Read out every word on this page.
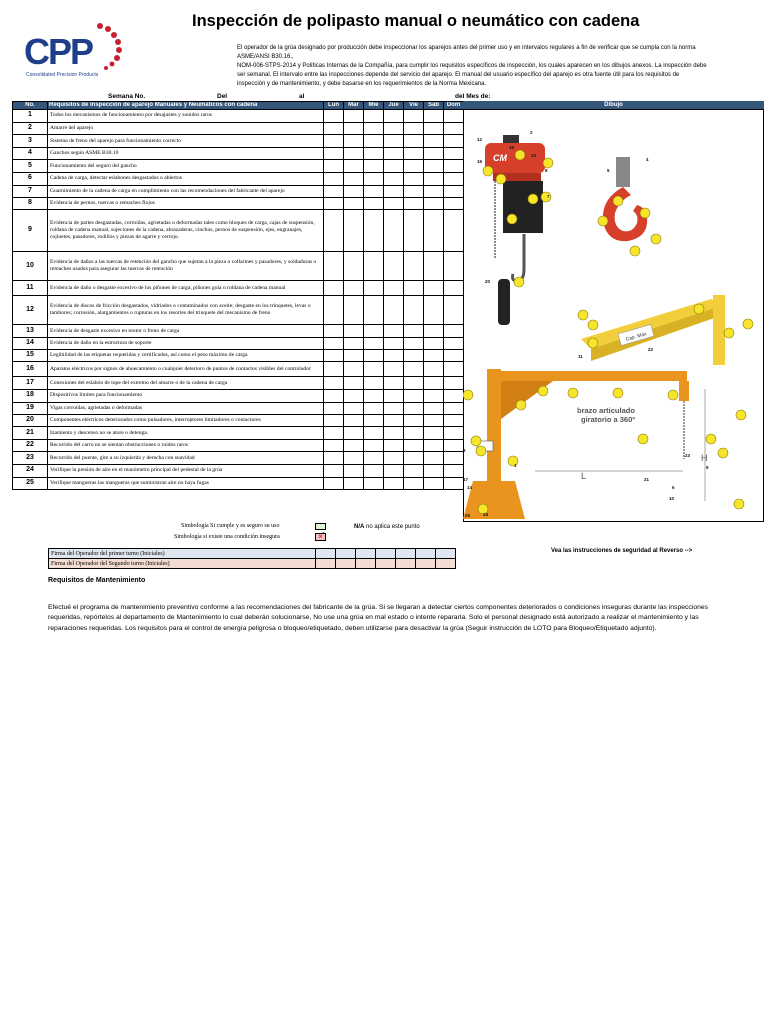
CPP
Consolidated Precision Products
Inspección de polipasto manual o neumático con cadena

El operador de la grúa designado por producción debe inspeccionar los aparejos antes del primer uso y en intervalos regulares a fin de verificar que se cumpla con la norma ASME/ANSI B30.16.,

NOM-006-STPS-2014 y Políticas Internas de la Compañía, para cumplir los requisitos específicos de inspección, los cuales aparecen en los dibujos anexos. La inspección debe ser semanal. El intervalo entre las inspecciones depende del servicio del aparejo. El manual del usuario específico del aparejo es otra fuente útil para los requisitos de inspección y de mantenimiento, y debe basarse en los requerimientos de la Norma Mexicana.

Semana No.	Del	al	del Mes de:
No.	Requisitos de Inspección de aparejo Manuales y Neumáticos con cadena	Lun	Mar	Mie	Jue	Vie	Sab	Dom
1	Todos los mecanismos de funcionamiento por desajustes y sonidos raros							
2	Amarre del aparejo							
3	Sistema de freno del aparejo para funcionamiento correcto							
4	Ganchos según ASME B30.10							
5	Funcionamiento del seguro del gancho							
6	Cadena de carga, detectar eslabones desgastados o abiertos							
7	Guarnimiento de la cadena de carga en cumplimiento con las recomendaciones del fabricante del aparejo							
8	Evidencia de pernos, tuercas o remaches flojos							
9	Evidencia de partes desgastadas, corroídas, agrietadas o deformadas tales como bloques de carga, cajas de suspensión, roldana de cadena manual, sujeciones de la cadena, abrazaderas, cinchos, pernos de suspensión, ejes, engranajes, cojinetes, pasadores, rodillos y piezas de agarre y cerrojo.							
10	Evidencia de daños a las tuercas de retención del gancho que sujetan a la pieza o collarines y pasadores, y soldaduras o remaches usados para asegurar las tuercas de retención							
11	Evidencia de daño o desgaste excesivo de los piñones de carga, piñones guía o roldana de cadena manual							
12	Evidencia de discos de fricción desgastados, vidriados o contaminados con aceite; desgaste en los trinquetes, levas o tambores; corrosión, alargamientos o rupturas en los resortes del trinquete del mecanismo de freno							
13	Evidencia de desgaste excesivo en motor o freno de carga							
14	Evidencia de daño en la estructura de soporte							
15	Legibilidad de las etiquetas requeridas y certificados, así como el peso máximo de carga							
16	Aparatos eléctricos por signos de ahuecamiento o cualquier deterioro de puntos de contactos visibles del controlador							
17	Conexiones del eslabón de tope del extremo del amarre o de la cadena de carga							
18	Dispositivos límites para funcionamiento							
19	Vigas corroídas, agrietadas o deformadas							
20	Componentes eléctricos deteriorados como pulsadores, interruptores limitadores o contactores							
21	Izamiento y descenso no se atore o detenga.							
22	Recorrido del carro no se sientan obstrucciones o ruidos raros							
23	Recorrido del puente, gire a su izquierda y derecha con suavidad							
24	Verifique la presión de aire en el manómetro principal del pedestal de la grúa							
25	Verifique mangueras las mangueras que suministran aire no haya fugas							
Dibujo
CM
Cap. Max
L
H
brazo articulado
giratorio a 360º
2
12
15
13
16
8
4
5
7
20
11
22
23
9
6
10
21
17
14
24
25
1
3
Simbología Si cumple y es seguro su uso	N/A no aplica este punto
Simbología si existe una condición insegura	×
Firma del Operador del primer turno (Iniciales)							
Firma del Operador del Segundo turno (Iniciales)							
Vea las instrucciones de seguridad al Reverso -->
Requisitos de Mantenimiento
Efectué el programa de mantenimiento preventivo conforme a las recomendaciones del fabricante de la grúa. Si se llegaran a detectar ciertos componentes deteriorados o condiciones inseguras durante las inspecciones requeridas, repórtelos al departamento de Mantenimiento lo cual deberán solucionarse, No use una grúa en mal estado o intente repararla. Solo el personal designado está autorizado a realizar el mantenimiento y las reparaciones requeridas. Los requisitos para el control de energía peligrosa o bloqueo/etiquetado, deben utilizarse para desactivar la grúa (Seguir instrucción de LOTO para Bloqueo/Etiquetado adjunto).
